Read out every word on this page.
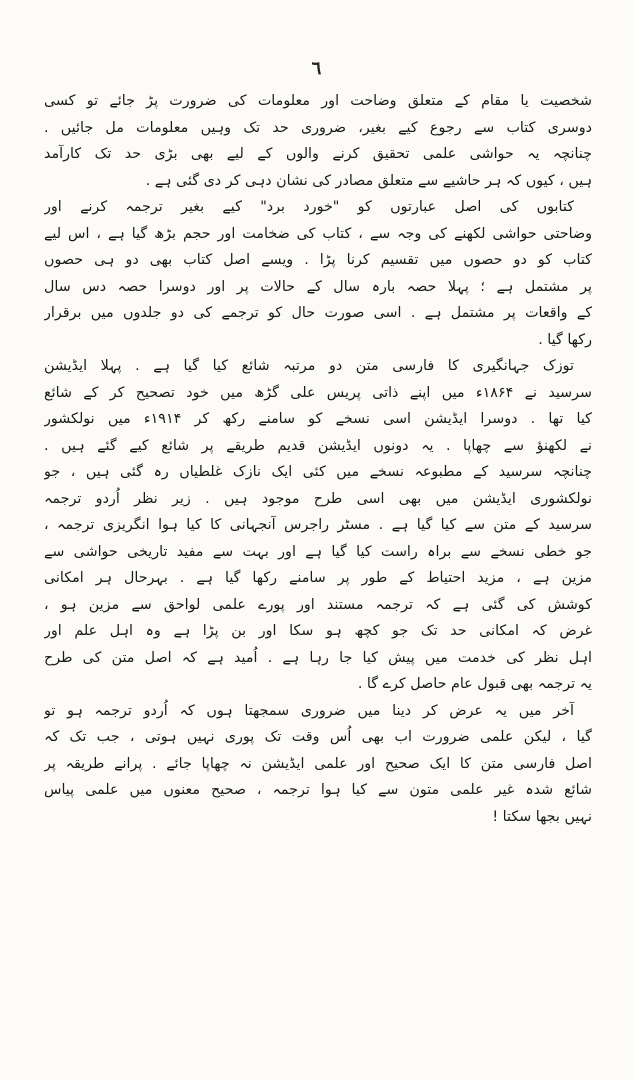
٦
شخصیت یا مقام کے متعلق وضاحت اور معلومات کی ضرورت پڑ جائے تو کسی
دوسری کتاب سے رجوع کیے بغیر، ضروری حد تک وہیں معلومات مل جائیں .
چنانچہ یہ حواشی علمی تحقیق کرنے والوں کے لیے بھی بڑی حد تک کارآمد
ہیں ، کیوں کہ ہر حاشیے سے متعلق مصادر کی نشان دہی کر دی گئی ہے .
کتابوں کی اصل عبارتوں کو "خورد برد" کیے بغیر ترجمہ کرنے اور
وضاحتی حواشی لکھنے کی وجہ سے ، کتاب کی ضخامت اور حجم بڑھ گیا ہے ، اس لیے
کتاب کو دو حصوں میں تقسیم کرنا پڑا . ویسے اصل کتاب بھی دو ہی حصوں
پر مشتمل ہے ؛ پہلا حصہ بارہ سال کے حالات پر اور دوسرا حصہ دس سال
کے واقعات پر مشتمل ہے . اسی صورت حال کو ترجمے کی دو جلدوں میں برقرار
رکھا گیا .
توزک جہانگیری کا فارسی متن دو مرتبہ شائع کیا گیا ہے . پہلا ایڈیشن
سرسید نے ۱۸۶۴ء میں اپنے ذاتی پریس علی گڑھ میں خود تصحیح کر کے شائع
کیا تھا . دوسرا ایڈیشن اسی نسخے کو سامنے رکھ کر ۱۹۱۴ء میں نولکشور
نے لکھنؤ سے چھاپا . یہ دونوں ایڈیشن قدیم طریقے پر شائع کیے گئے ہیں .
چنانچہ سرسید کے مطبوعہ نسخے میں کئی ایک نازک غلطیاں رہ گئی ہیں ، جو
نولکشوری ایڈیشن میں بھی اسی طرح موجود ہیں . زیر نظر اُردو ترجمہ
سرسید کے متن سے کیا گیا ہے . مسٹر راجرس آنجہانی کا کیا ہوا انگریزی ترجمہ ،
جو خطی نسخے سے براہ راست کیا گیا ہے اور بہت سے مفید تاریخی حواشی سے
مزین ہے ، مزید احتیاط کے طور پر سامنے رکھا گیا ہے . بہرحال ہر امکانی
کوشش کی گئی ہے کہ ترجمہ مستند اور پورے علمی لواحق سے مزین ہو ،
غرض کہ امکانی حد تک جو کچھ ہو سکا اور بن پڑا ہے وہ اہل علم اور
اہل نظر کی خدمت میں پیش کیا جا رہا ہے . اُمید ہے کہ اصل متن کی طرح
یہ ترجمہ بھی قبول عام حاصل کرے گا .
آخر میں یہ عرض کر دینا میں ضروری سمجھتا ہوں کہ اُردو ترجمہ ہو تو
گیا ، لیکن علمی ضرورت اب بھی اُس وقت تک پوری نہیں ہوتی ، جب تک کہ
اصل فارسی متن کا ایک صحیح اور علمی ایڈیشن نہ چھاپا جائے . پرانے طریقہ پر
شائع شدہ غیر علمی متون سے کیا ہوا ترجمہ ، صحیح معنوں میں علمی پیاس
نہیں بجھا سکتا !
